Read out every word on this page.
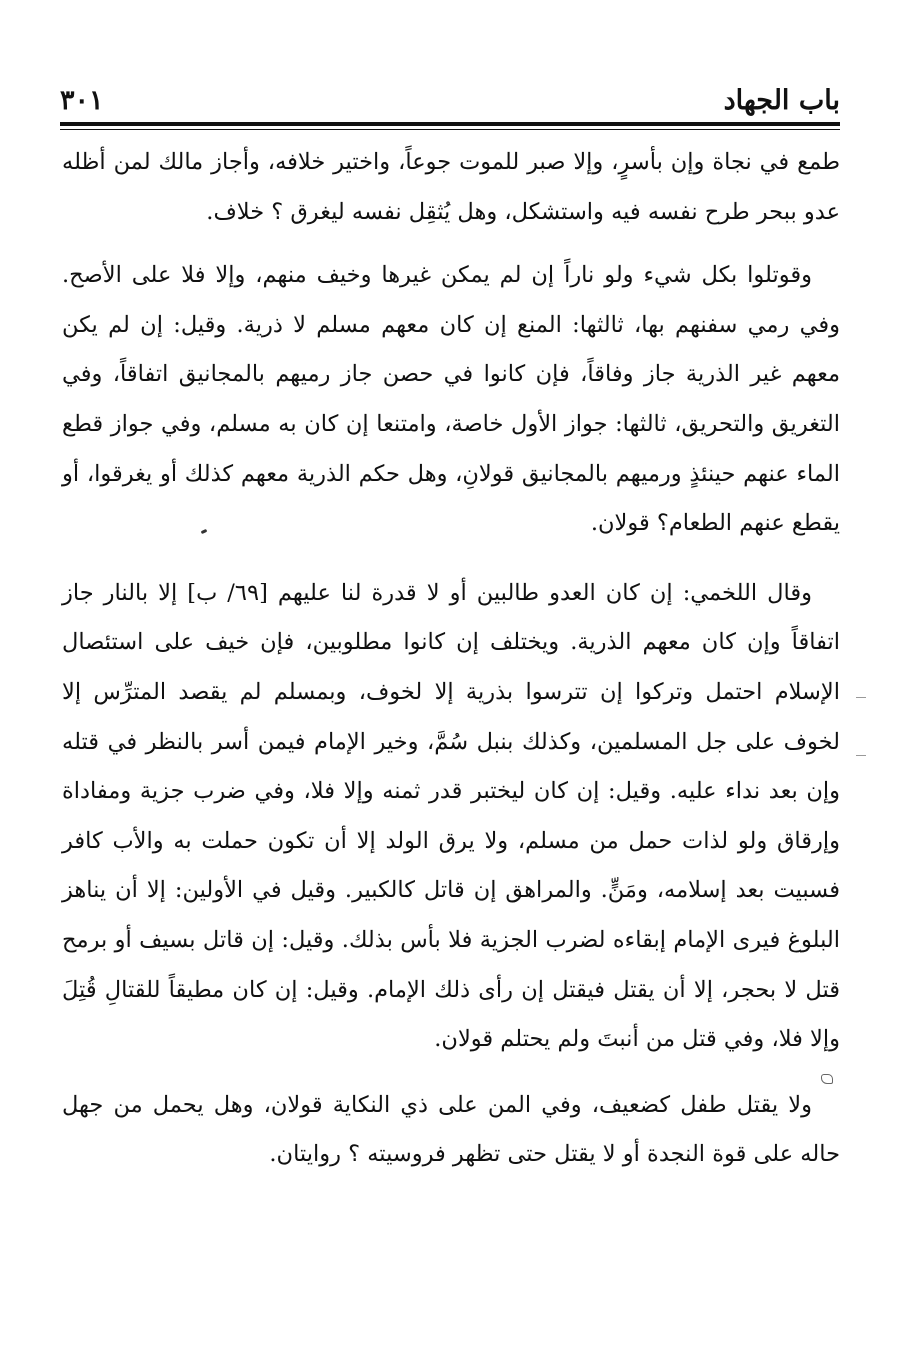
باب الجهاد
٣٠١

طمع في نجاة وإن بأسرٍ، وإلا صبر للموت جوعاً، واختير خلافه، وأجاز مالك لمن أظله عدو ببحر طرح نفسه فيه واستشكل، وهل يُثقِل نفسه ليغرق ؟ خلاف.

وقوتلوا بكل شيء ولو ناراً إن لم يمكن غيرها وخيف منهم، وإلا فلا على الأصح. وفي رمي سفنهم بها، ثالثها: المنع إن كان معهم مسلم لا ذرية. وقيل: إن لم يكن معهم غير الذرية جاز وفاقاً، فإن كانوا في حصن جاز رميهم بالمجانيق اتفاقاً، وفي التغريق والتحريق، ثالثها: جواز الأول خاصة، وامتنعا إن كان به مسلم، وفي جواز قطع الماء عنهم حينئذٍ ورميهم بالمجانيق قولانِ، وهل حكم الذرية معهم كذلك أو يغرقوا، أو يقطع عنهم الطعام؟ قولان.

وقال اللخمي: إن كان العدو طالبين أو لا قدرة لنا عليهم [٦٩/ ب] إلا بالنار جاز اتفاقاً وإن كان معهم الذرية. ويختلف إن كانوا مطلوبين، فإن خيف على استئصال الإسلام احتمل وتركوا إن تترسوا بذرية إلا لخوف، وبمسلم لم يقصد المترِّس إلا لخوف على جل المسلمين، وكذلك بنبل سُمَّ، وخير الإمام فيمن أسر بالنظر في قتله وإن بعد نداء عليه. وقيل: إن كان ليختبر قدر ثمنه وإلا فلا، وفي ضرب جزية ومفاداة وإرقاق ولو لذات حمل من مسلم، ولا يرق الولد إلا أن تكون حملت به والأب كافر فسبيت بعد إسلامه، ومَنٍّ. والمراهق إن قاتل كالكبير. وقيل في الأولين: إلا أن يناهز البلوغ فيرى الإمام إبقاءه لضرب الجزية فلا بأس بذلك. وقيل: إن قاتل بسيف أو برمح قتل لا بحجر، إلا أن يقتل فيقتل إن رأى ذلك الإمام. وقيل: إن كان مطيقاً للقتالِ قُتِلَ وإلا فلا، وفي قتل من أنبتَ ولم يحتلم قولان.

ولا يقتل طفل كضعيف، وفي المن على ذي النكاية قولان، وهل يحمل من جهل حاله على قوة النجدة أو لا يقتل حتى تظهر فروسيته ؟ روايتان.
